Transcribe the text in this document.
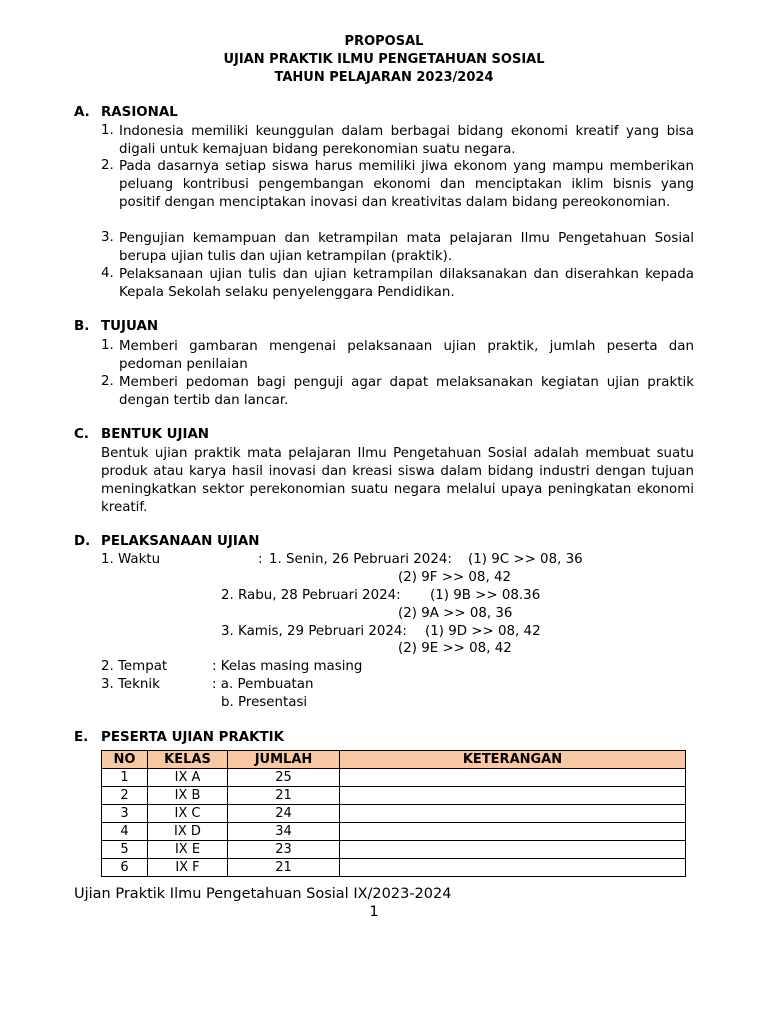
PROPOSAL
UJIAN PRAKTIK ILMU PENGETAHUAN SOSIAL
TAHUN PELAJARAN 2023/2024
A. RASIONAL
1. Indonesia memiliki keunggulan dalam berbagai bidang ekonomi kreatif yang bisa digali untuk kemajuan bidang perekonomian suatu negara.
2. Pada dasarnya setiap siswa harus memiliki jiwa ekonom yang mampu memberikan peluang kontribusi pengembangan ekonomi dan menciptakan iklim bisnis yang positif dengan menciptakan inovasi dan kreativitas dalam bidang pereokonomian.
3. Pengujian kemampuan dan ketrampilan mata pelajaran Ilmu Pengetahuan Sosial berupa ujian tulis dan ujian ketrampilan (praktik).
4. Pelaksanaan ujian tulis dan ujian ketrampilan dilaksanakan dan diserahkan kepada Kepala Sekolah selaku penyelenggara Pendidikan.
B. TUJUAN
1. Memberi gambaran mengenai pelaksanaan ujian praktik, jumlah peserta dan pedoman penilaian
2. Memberi pedoman bagi penguji agar dapat melaksanakan kegiatan ujian praktik dengan tertib dan lancar.
C. BENTUK UJIAN
Bentuk ujian praktik mata pelajaran Ilmu Pengetahuan Sosial adalah membuat suatu produk atau karya hasil inovasi dan kreasi siswa dalam bidang industri dengan tujuan meningkatkan sektor perekonomian suatu negara melalui upaya peningkatan ekonomi kreatif.
D. PELAKSANAAN UJIAN
1. Waktu	: 1. Senin, 26 Pebruari 2024: (1) 9C >> 08, 36
(2) 9F >> 08, 42
2. Rabu, 28 Pebruari 2024: (1) 9B >> 08.36
(2) 9A >> 08, 36
3. Kamis, 29 Pebruari 2024: (1) 9D >> 08, 42
(2) 9E >> 08, 42
2. Tempat	: Kelas masing masing
3. Teknik	: a. Pembuatan
b. Presentasi
E. PESERTA UJIAN PRAKTIK
NO	KELAS	JUMLAH	KETERANGAN
1	IX A	25	
2	IX B	21	
3	IX C	24	
4	IX D	34	
5	IX E	23	
6	IX F	21	
Ujian Praktik Ilmu Pengetahuan Sosial IX/2023-2024
1
